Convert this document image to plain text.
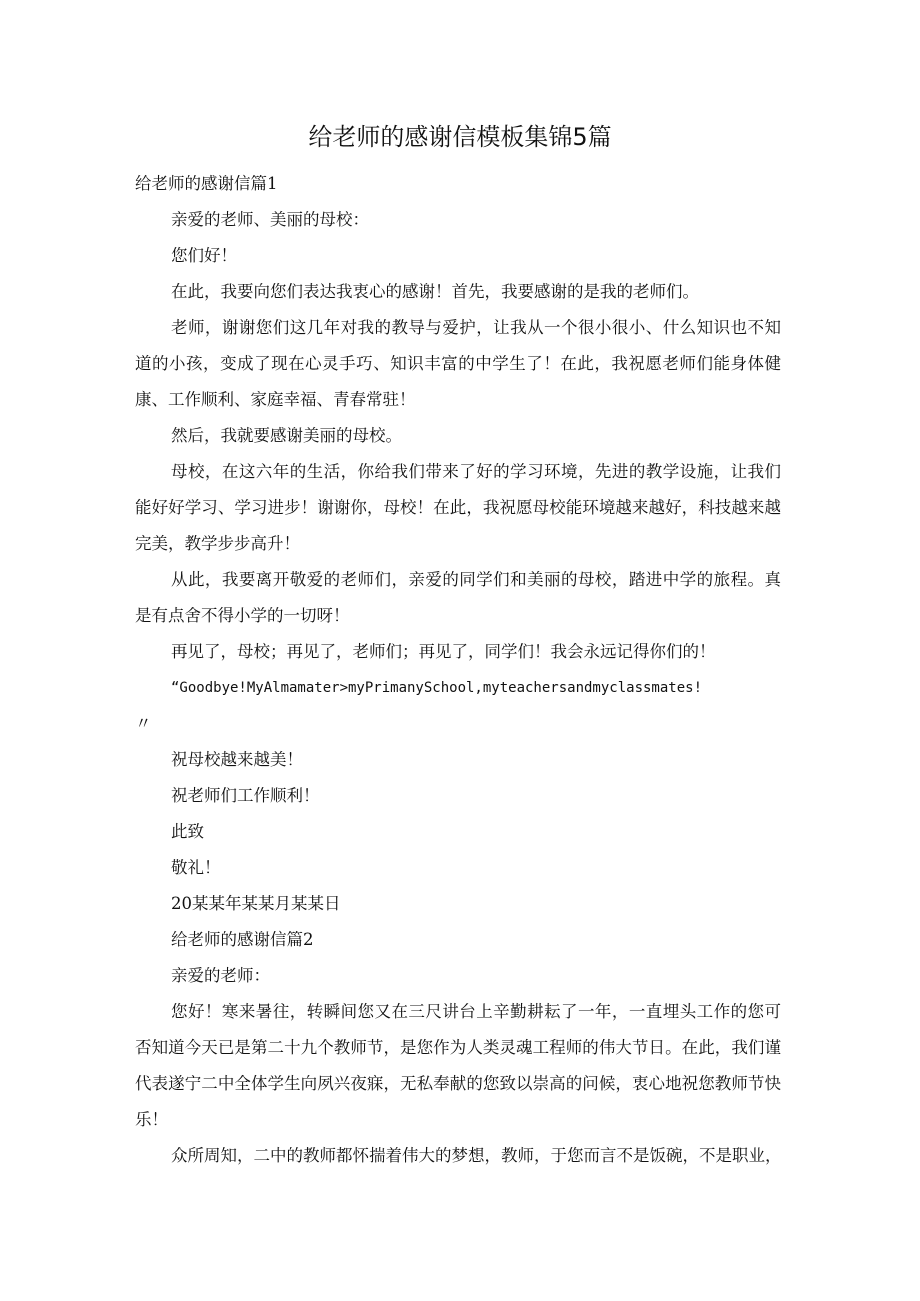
给老师的感谢信模板集锦5篇

给老师的感谢信篇1

亲爱的老师、美丽的母校：

您们好！

在此，我要向您们表达我衷心的感谢！首先，我要感谢的是我的老师们。

老师，谢谢您们这几年对我的教导与爱护，让我从一个很小很小、什么知识也不知道的小孩，变成了现在心灵手巧、知识丰富的中学生了！在此，我祝愿老师们能身体健康、工作顺利、家庭幸福、青春常驻！

然后，我就要感谢美丽的母校。

母校，在这六年的生活，你给我们带来了好的学习环境，先进的教学设施，让我们能好好学习、学习进步！谢谢你，母校！在此，我祝愿母校能环境越来越好，科技越来越完美，教学步步高升！

从此，我要离开敬爱的老师们，亲爱的同学们和美丽的母校，踏进中学的旅程。真是有点舍不得小学的一切呀！

再见了，母校；再见了，老师们；再见了，同学们！我会永远记得你们的！

“Goodbye!MyAlmamater>myPrimanySchool,myteachersandmyclassmates!

〃

祝母校越来越美！

祝老师们工作顺利！

此致

敬礼！

20某某年某某月某某日

给老师的感谢信篇2

亲爱的老师：

您好！寒来暑往，转瞬间您又在三尺讲台上辛勤耕耘了一年，一直埋头工作的您可否知道今天已是第二十九个教师节，是您作为人类灵魂工程师的伟大节日。在此，我们谨代表遂宁二中全体学生向夙兴夜寐，无私奉献的您致以崇高的问候，衷心地祝您教师节快乐！

众所周知，二中的教师都怀揣着伟大的梦想，教师，于您而言不是饭碗，不是职业，
